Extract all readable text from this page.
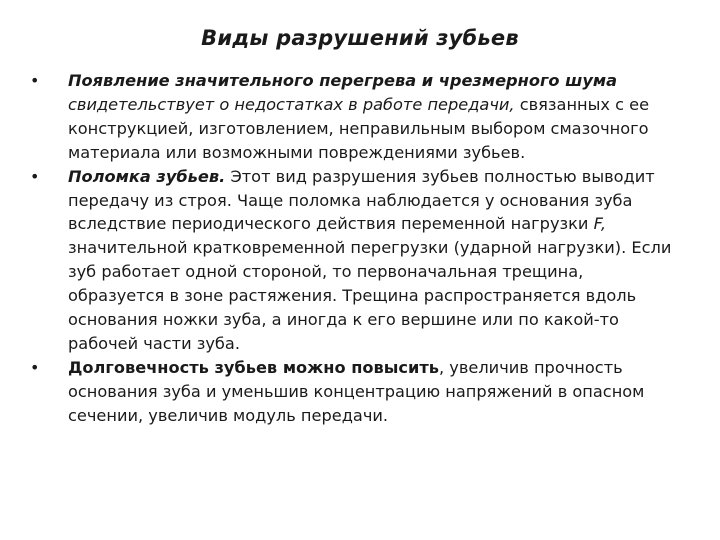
Виды разрушений зубьев
•	Появление значительного перегрева и чрезмерного шума свидетельствует о недостатках в работе передачи, связанных с ее конструкцией, изготовлением, неправильным выбором смазочного материала или возможными повреждениями зубьев.
•	Поломка зубьев. Этот вид разрушения зубьев полностью выводит передачу из строя. Чаще поломка наблюдается у основания зуба вследствие периодического действия переменной нагрузки F, значительной кратковременной перегрузки (ударной нагрузки). Если зуб работает одной стороной, то первоначальная трещина, образуется в зоне растяжения. Трещина распространяется вдоль основания ножки зуба, а иногда к его вершине или по какой-то рабочей части зуба.
•	Долговечность зубьев можно повысить, увеличив прочность основания зуба и уменьшив концентрацию напряжений в опасном сечении, увеличив модуль передачи.
